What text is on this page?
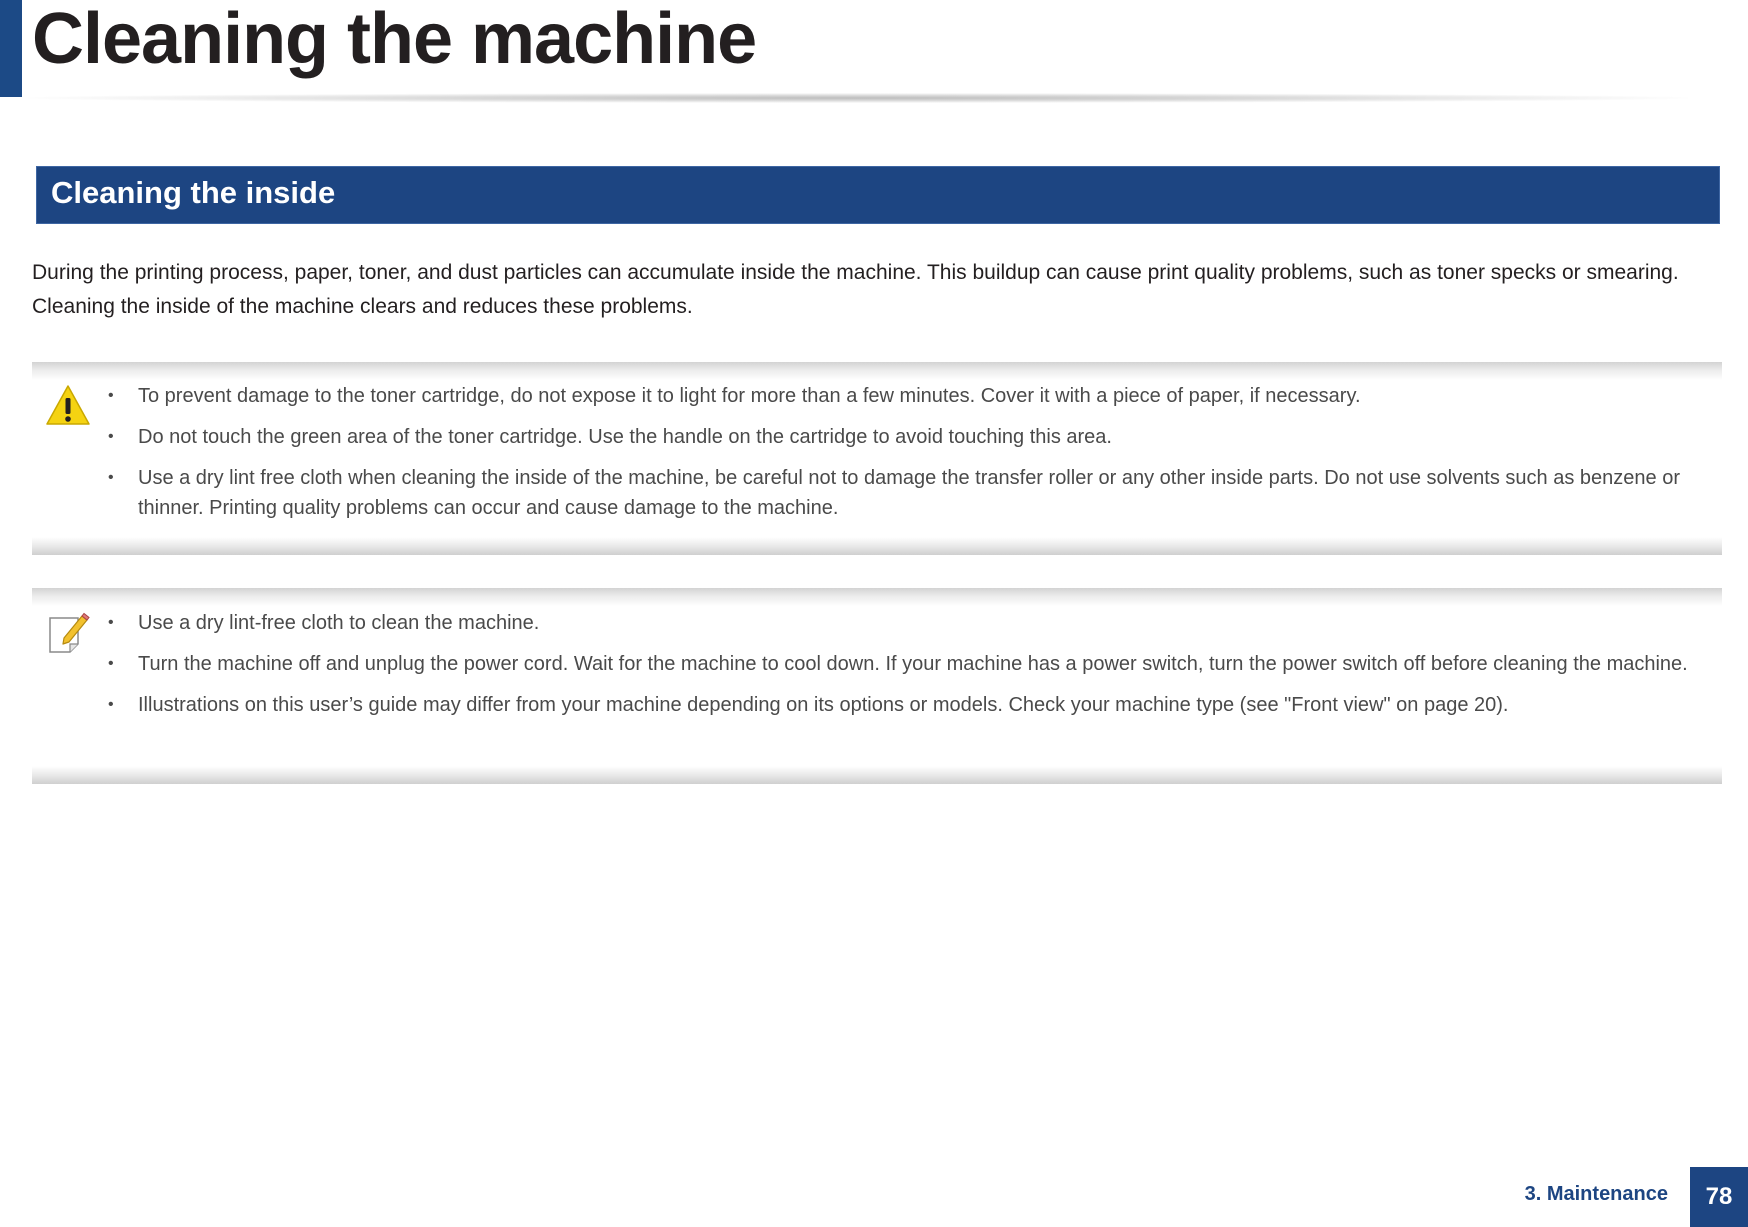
Cleaning the machine
Cleaning the inside

During the printing process, paper, toner, and dust particles can accumulate inside the machine. This buildup can cause print quality problems, such as toner specks or smearing. Cleaning the inside of the machine clears and reduces these problems.

• To prevent damage to the toner cartridge, do not expose it to light for more than a few minutes. Cover it with a piece of paper, if necessary.
• Do not touch the green area of the toner cartridge. Use the handle on the cartridge to avoid touching this area.
• Use a dry lint free cloth when cleaning the inside of the machine, be careful not to damage the transfer roller or any other inside parts. Do not use solvents such as benzene or thinner. Printing quality problems can occur and cause damage to the machine.
• Use a dry lint-free cloth to clean the machine.
• Turn the machine off and unplug the power cord. Wait for the machine to cool down. If your machine has a power switch, turn the power switch off before cleaning the machine.
• Illustrations on this user’s guide may differ from your machine depending on its options or models. Check your machine type (see "Front view" on page 20).

3. Maintenance	78
